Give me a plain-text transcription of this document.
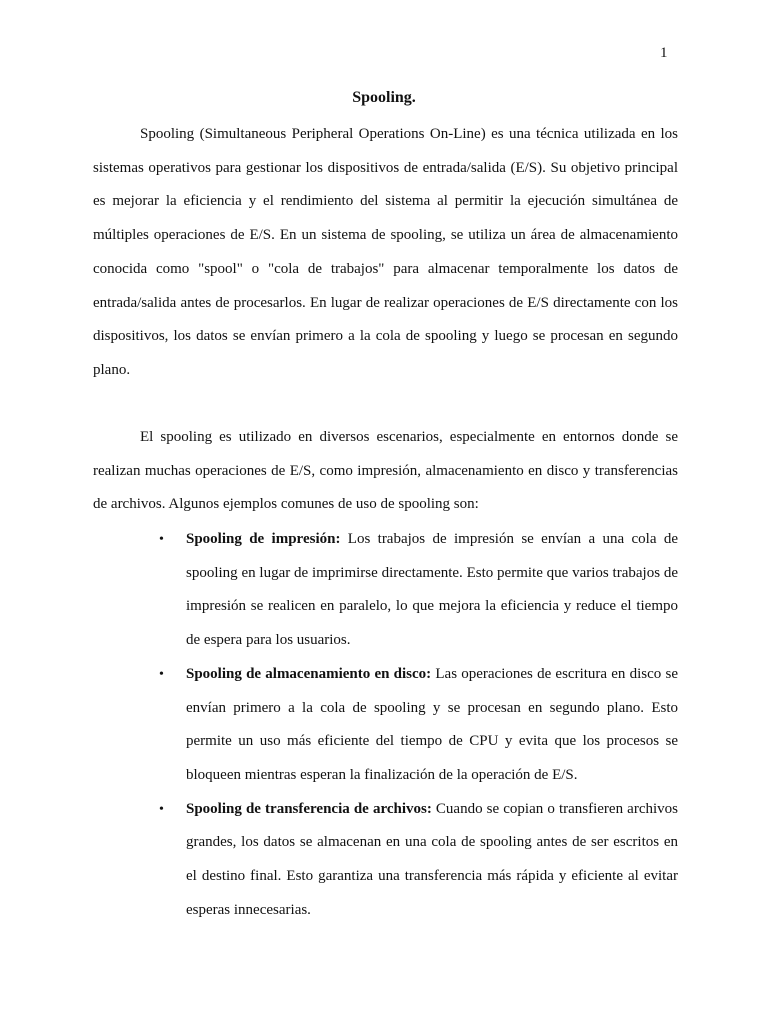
1
Spooling.

Spooling (Simultaneous Peripheral Operations On-Line) es una técnica utilizada en los sistemas operativos para gestionar los dispositivos de entrada/salida (E/S). Su objetivo principal es mejorar la eficiencia y el rendimiento del sistema al permitir la ejecución simultánea de múltiples operaciones de E/S. En un sistema de spooling, se utiliza un área de almacenamiento conocida como "spool" o "cola de trabajos" para almacenar temporalmente los datos de entrada/salida antes de procesarlos. En lugar de realizar operaciones de E/S directamente con los dispositivos, los datos se envían primero a la cola de spooling y luego se procesan en segundo plano.

El spooling es utilizado en diversos escenarios, especialmente en entornos donde se realizan muchas operaciones de E/S, como impresión, almacenamiento en disco y transferencias de archivos. Algunos ejemplos comunes de uso de spooling son:

• Spooling de impresión: Los trabajos de impresión se envían a una cola de spooling en lugar de imprimirse directamente. Esto permite que varios trabajos de impresión se realicen en paralelo, lo que mejora la eficiencia y reduce el tiempo de espera para los usuarios.
• Spooling de almacenamiento en disco: Las operaciones de escritura en disco se envían primero a la cola de spooling y se procesan en segundo plano. Esto permite un uso más eficiente del tiempo de CPU y evita que los procesos se bloqueen mientras esperan la finalización de la operación de E/S.
• Spooling de transferencia de archivos: Cuando se copian o transfieren archivos grandes, los datos se almacenan en una cola de spooling antes de ser escritos en el destino final. Esto garantiza una transferencia más rápida y eficiente al evitar esperas innecesarias.
